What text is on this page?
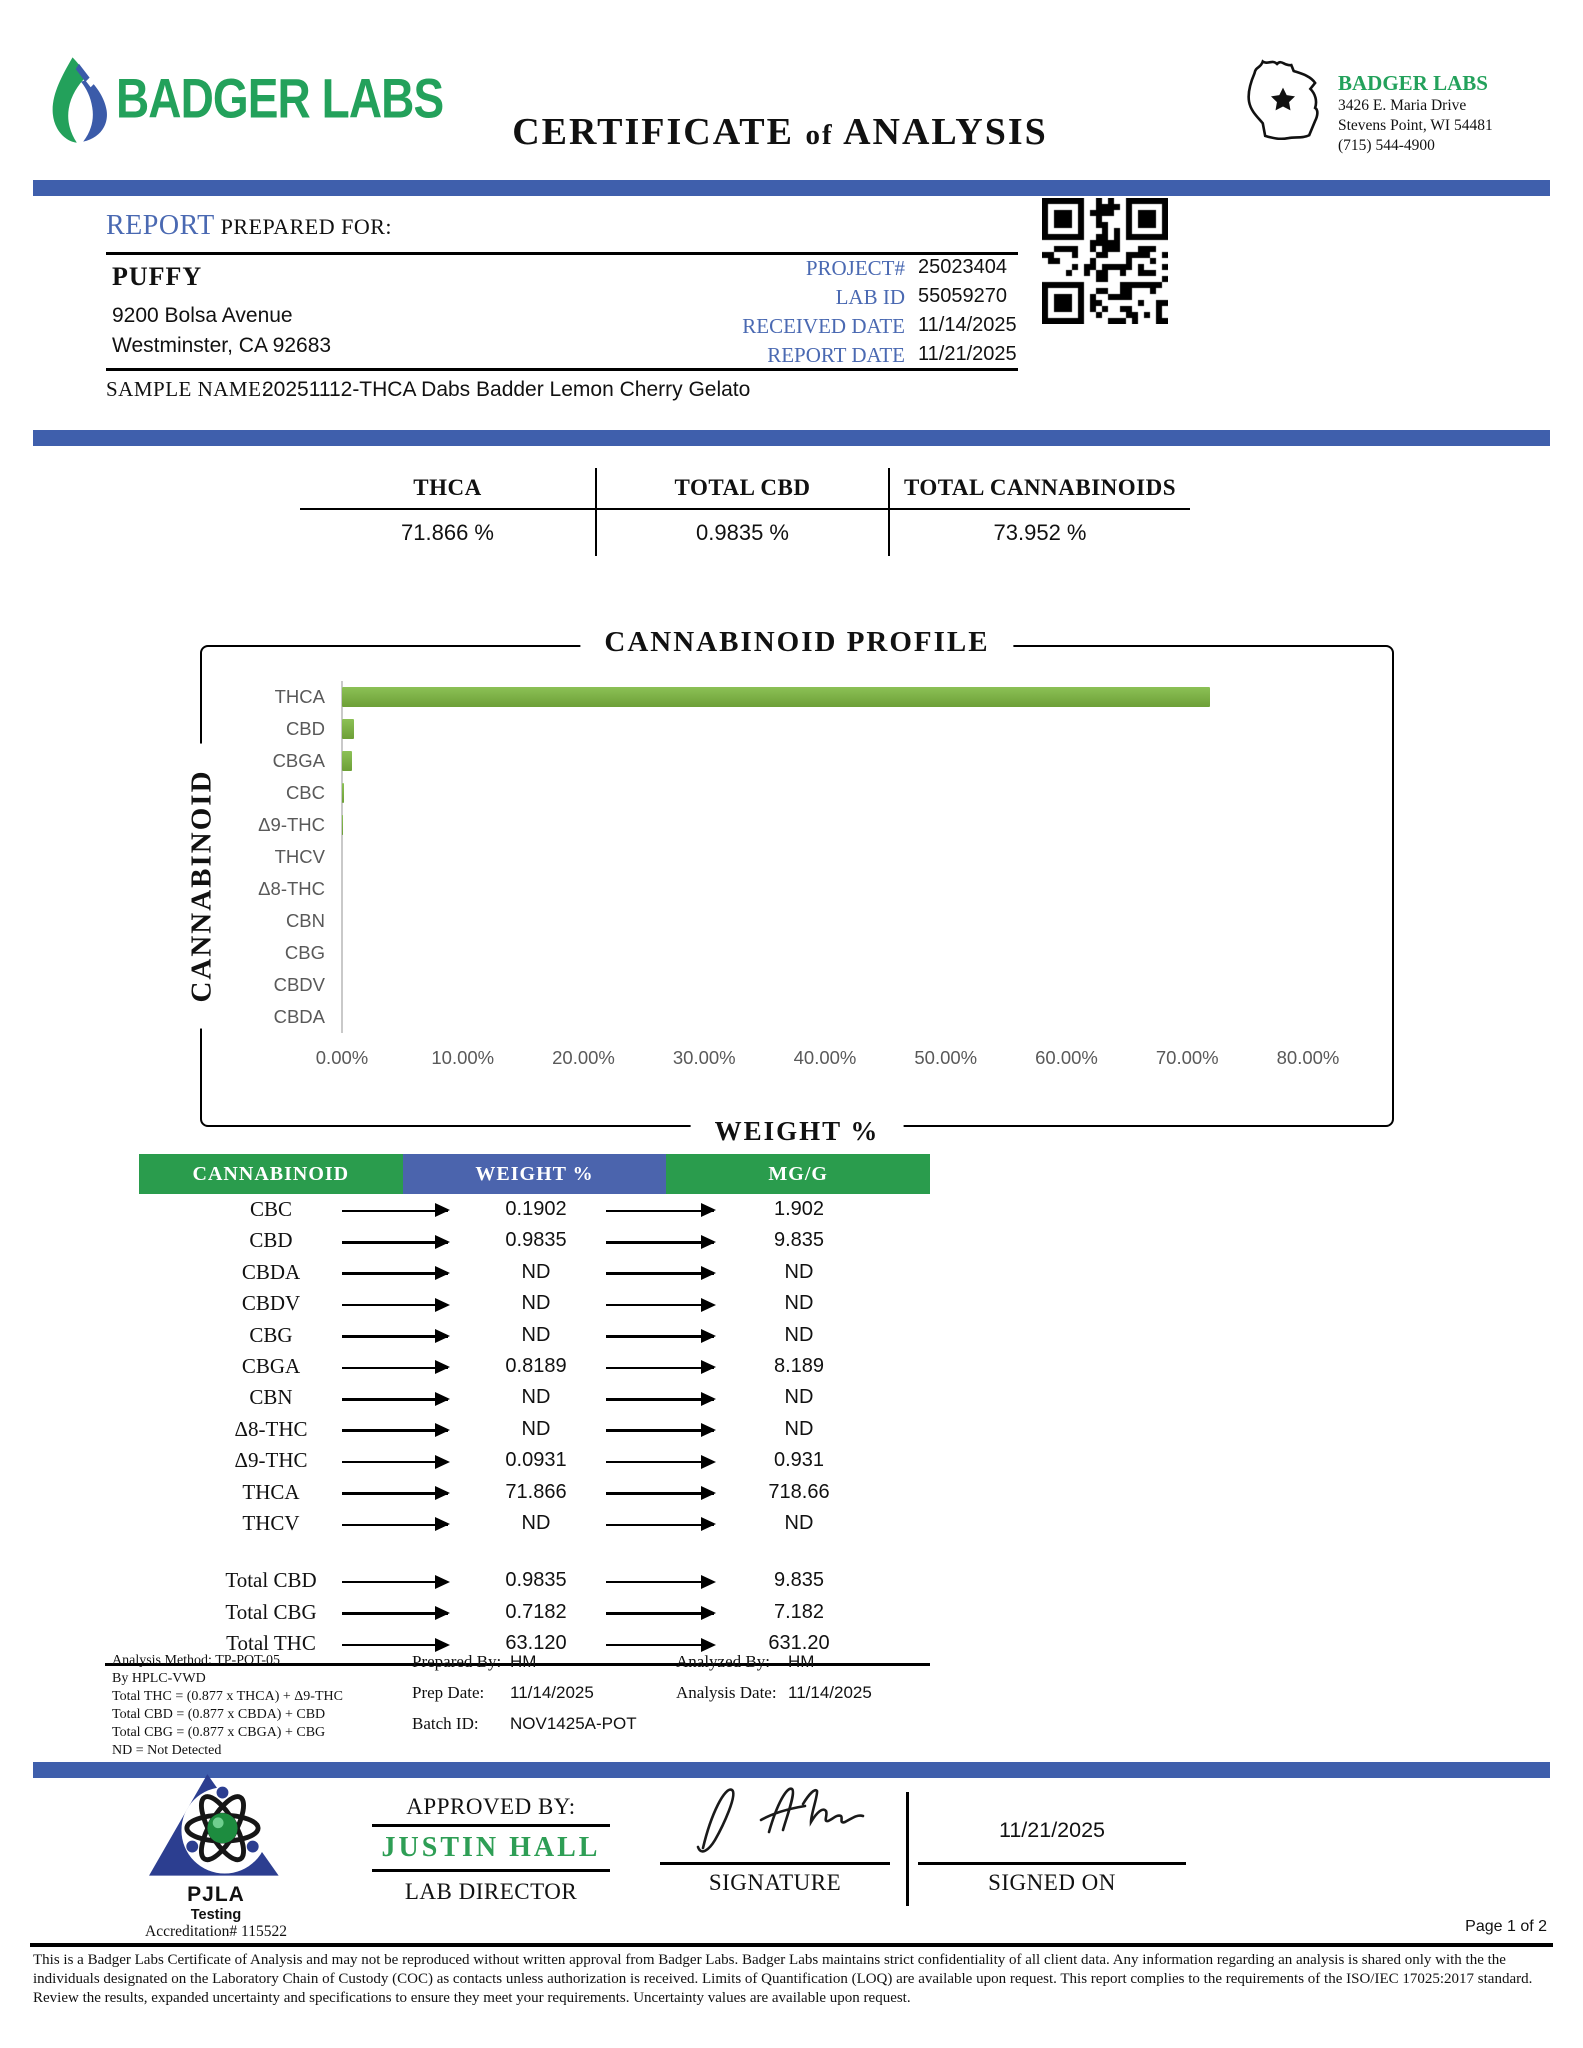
BADGER LABS
CERTIFICATE of ANALYSIS
BADGER LABS
3426 E. Maria Drive
Stevens Point, WI 54481
(715) 544-4900
REPORT PREPARED FOR:
PUFFY
9200 Bolsa Avenue
Westminster, CA 92683
PROJECT# 25023404
LAB ID 55059270
RECEIVED DATE 11/14/2025
REPORT DATE 11/21/2025
SAMPLE NAME:
20251112-THCA Dabs Badder Lemon Cherry Gelato
THCA
71.866 %
TOTAL CBD
0.9835 %
TOTAL CANNABINOIDS
73.952 %
CANNABINOID PROFILE
CANNABINOID
WEIGHT %
THCA
CBD
CBGA
CBC
Δ9-THC
THCV
Δ8-THC
CBN
CBG
CBDV
CBDA
0.00%	10.00%	20.00%	30.00%	40.00%	50.00%	60.00%	70.00%	80.00%
CANNABINOID	WEIGHT %	MG/G
CBC	0.1902	1.902
CBD	0.9835	9.835
CBDA	ND	ND
CBDV	ND	ND
CBG	ND	ND
CBGA	0.8189	8.189
CBN	ND	ND
Δ8-THC	ND	ND
Δ9-THC	0.0931	0.931
THCA	71.866	718.66
THCV	ND	ND
Total CBD	0.9835	9.835
Total CBG	0.7182	7.182
Total THC	63.120	631.20
Analysis Method: TP-POT-05
By HPLC-VWD
Total THC = (0.877 x THCA) + Δ9-THC
Total CBD = (0.877 x CBDA) + CBD
Total CBG = (0.877 x CBGA) + CBG
ND = Not Detected
Prepared By: HM
Prep Date: 11/14/2025
Batch ID: NOV1425A-POT
Analyzed By: HM
Analysis Date: 11/14/2025
PJLA
Testing
Accreditation# 115522
APPROVED BY:
JUSTIN HALL
LAB DIRECTOR	SIGNATURE
11/21/2025
SIGNED ON
Page 1 of 2
This is a Badger Labs Certificate of Analysis and may not be reproduced without written approval from Badger Labs. Badger Labs maintains strict confidentiality of all client data. Any information regarding an analysis is shared only with the the individuals designated on the Laboratory Chain of Custody (COC) as contacts unless authorization is received. Limits of Quantification (LOQ) are available upon request. This report complies to the requirements of the ISO/IEC 17025:2017 standard. Review the results, expanded uncertainty and specifications to ensure they meet your requirements. Uncertainty values are available upon request.
